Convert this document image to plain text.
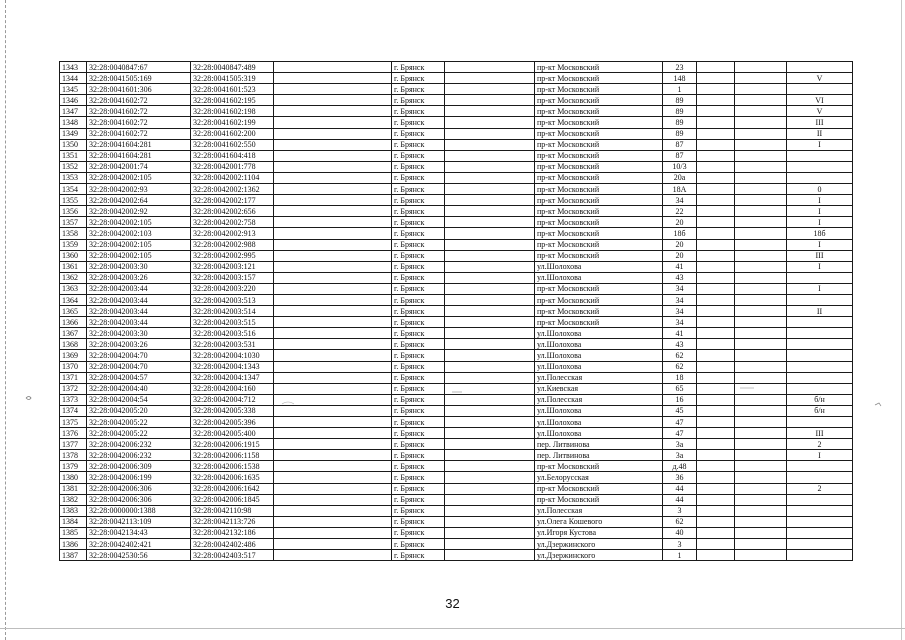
1343	32:28:0040847:67	32:28:0040847:489		г. Брянск		пр-кт Московский	23			
1344	32:28:0041505:169	32:28:0041505:319		г. Брянск		пр-кт Московский	148			V
1345	32:28:0041601:306	32:28:0041601:523		г. Брянск		пр-кт Московский	1			
1346	32:28:0041602:72	32:28:0041602:195		г. Брянск		пр-кт Московский	89			VI
1347	32:28:0041602:72	32:28:0041602:198		г. Брянск		пр-кт Московский	89			V
1348	32:28:0041602:72	32:28:0041602:199		г. Брянск		пр-кт Московский	89			III
1349	32:28:0041602:72	32:28:0041602:200		г. Брянск		пр-кт Московский	89			II
1350	32:28:0041604:281	32:28:0041602:550		г. Брянск		пр-кт Московский	87			I
1351	32:28:0041604:281	32:28:0041604:418		г. Брянск		пр-кт Московский	87			
1352	32:28:0042001:74	32:28:0042001:778		г. Брянск		пр-кт Московский	10/3			
1353	32:28:0042002:105	32:28:0042002:1104		г. Брянск		пр-кт Московский	20а			
1354	32:28:0042002:93	32:28:0042002:1362		г. Брянск		пр-кт Московский	18А			0
1355	32:28:0042002:64	32:28:0042002:177		г. Брянск		пр-кт Московский	34			I
1356	32:28:0042002:92	32:28:0042002:656		г. Брянск		пр-кт Московский	22			I
1357	32:28:0042002:105	32:28:0042002:758		г. Брянск		пр-кт Московский	20			I
1358	32:28:0042002:103	32:28:0042002:913		г. Брянск		пр-кт Московский	18б			18б
1359	32:28:0042002:105	32:28:0042002:988		г. Брянск		пр-кт Московский	20			I
1360	32:28:0042002:105	32:28:0042002:995		г. Брянск		пр-кт Московский	20			III
1361	32:28:0042003:30	32:28:0042003:121		г. Брянск		ул.Шолохова	41			I
1362	32:28:0042003:26	32:28:0042003:157		г. Брянск		ул.Шолохова	43			
1363	32:28:0042003:44	32:28:0042003:220		г. Брянск		пр-кт Московский	34			I
1364	32:28:0042003:44	32:28:0042003:513		г. Брянск		пр-кт Московский	34			
1365	32:28:0042003:44	32:28:0042003:514		г. Брянск		пр-кт Московский	34			II
1366	32:28:0042003:44	32:28:0042003:515		г. Брянск		пр-кт Московский	34			
1367	32:28:0042003:30	32:28:0042003:516		г. Брянск		ул.Шолохова	41			
1368	32:28:0042003:26	32:28:0042003:531		г. Брянск		ул.Шолохова	43			
1369	32:28:0042004:70	32:28:0042004:1030		г. Брянск		ул.Шолохова	62			
1370	32:28:0042004:70	32:28:0042004:1343		г. Брянск		ул.Шолохова	62			
1371	32:28:0042004:57	32:28:0042004:1347		г. Брянск		ул.Полесская	18			
1372	32:28:0042004:40	32:28:0042004:160		г. Брянск		ул.Киевская	65			
1373	32:28:0042004:54	32:28:0042004:712		г. Брянск		ул.Полесская	16			б/н
1374	32:28:0042005:20	32:28:0042005:338		г. Брянск		ул.Шолохова	45			б/н
1375	32:28:0042005:22	32:28:0042005:396		г. Брянск		ул.Шолохова	47			
1376	32:28:0042005:22	32:28:0042005:400		г. Брянск		ул.Шолохова	47			III
1377	32:28:0042006:232	32:28:0042006:1915		г. Брянск		пер. Литвинова	3а			2
1378	32:28:0042006:232	32:28:0042006:1158		г. Брянск		пер. Литвинова	3а			I
1379	32:28:0042006:309	32:28:0042006:1538		г. Брянск		пр-кт Московский	д.48			
1380	32:28:0042006:199	32:28:0042006:1635		г. Брянск		ул.Белорусская	36			
1381	32:28:0042006:306	32:28:0042006:1642		г. Брянск		пр-кт Московский	44			2
1382	32:28:0042006:306	32:28:0042006:1845		г. Брянск		пр-кт Московский	44			
1383	32:28:0000000:1388	32:28:0042110:98		г. Брянск		ул.Полесская	3			
1384	32:28:0042113:109	32:28:0042113:726		г. Брянск		ул.Олега Кошевого	62			
1385	32:28:0042134:43	32:28:0042132:186		г. Брянск		ул.Игоря Кустова	40			
1386	32:28:0042402:421	32:28:0042402:486		г. Брянск		ул.Дзержинского	3			
1387	32:28:0042530:56	32:28:0042403:517		г. Брянск		ул.Дзержинского	1			
32
